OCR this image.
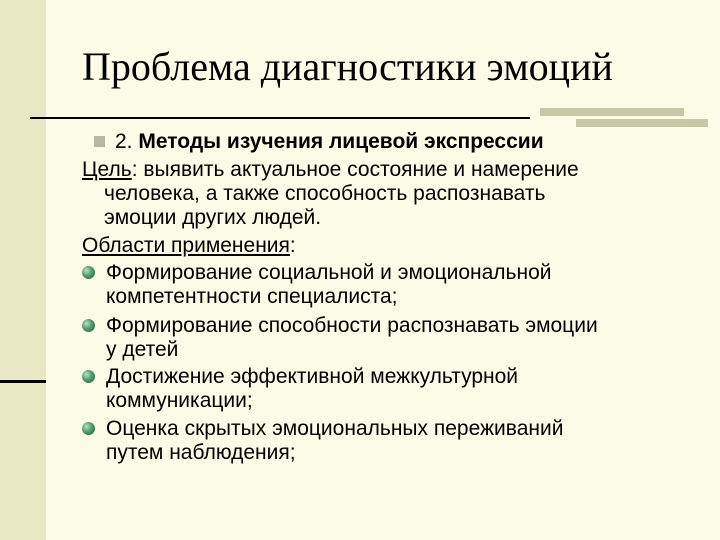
Проблема диагностики эмоций
2. Методы изучения лицевой экспрессии
Цель: выявить актуальное состояние и намерение
человека, а также способность распознавать
эмоции других людей.
Области применения:
Формирование социальной и эмоциональной
компетентности специалиста;
Формирование способности распознавать эмоции
у детей
Достижение эффективной межкультурной
коммуникации;
Оценка скрытых эмоциональных переживаний
путем наблюдения;
